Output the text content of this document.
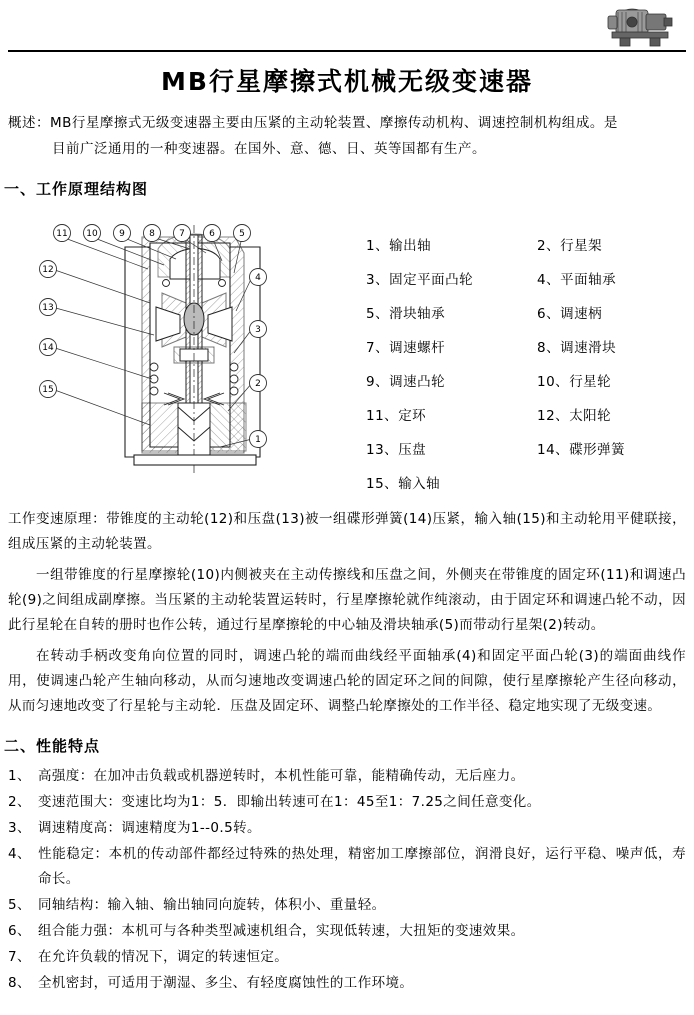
MB行星摩擦式机械无级变速器
概述：MB行星摩擦式无级变速器主要由压紧的主动轮装置、摩擦传动机构、调速控制机构组成。是
目前广泛通用的一种变速器。在国外、意、德、日、英等国都有生产。
一、工作原理结构图
11 10 9	8	7	6	5
12
4
13
3
14
2
15
1
1、输出轴	2、行星架
3、固定平面凸轮	4、平面轴承
5、滑块轴承	6、调速柄
7、调速螺杆	8、调速滑块
9、调速凸轮	10、行星轮
11、定环	12、太阳轮
13、压盘	14、碟形弹簧
15、输入轴

工作变速原理：带锥度的主动轮(12)和压盘(13)被一组碟形弹簧(14)压紧，输入轴(15)和主动轮用平健联接，组成压紧的主动轮装置。

一组带锥度的行星摩擦轮(10)内侧被夹在主动传擦线和压盘之间，外侧夹在带锥度的固定环(11)和调速凸轮(9)之间组成副摩擦。当压紧的主动轮装置运转时，行星摩擦轮就作纯滚动，由于固定环和调速凸轮不动，因此行星轮在自转的册时也作公转，通过行星摩擦轮的中心轴及滑块轴承(5)而带动行星架(2)转动。

在转动手柄改变角向位置的同时，调速凸轮的端而曲线经平面轴承(4)和固定平面凸轮(3)的端面曲线作用，使调速凸轮产生轴向移动，从而匀速地改变调速凸轮的固定环之间的间隙，使行星摩擦轮产生径向移动，从而匀速地改变了行星轮与主动轮．压盘及固定环、调整凸轮摩擦处的工作半径、稳定地实现了无级变速。

二、性能特点
1、 高强度：在加冲击负载或机器逆转时，本机性能可靠，能精确传动，无后座力。
2、 变速范围大：变速比均为1：5．即输出转速可在1：45至1：7.25之间任意变化。
3、 调速精度高：调速精度为1--0.5转。
4、 性能稳定：本机的传动部件都经过特殊的热处理，精密加工摩擦部位，润滑良好，运行平稳、噪声低，寿命长。
5、 同轴结构：输入轴、输出轴同向旋转，体积小、重量轻。
6、 组合能力强：本机可与各种类型减速机组合，实现低转速，大扭矩的变速效果。
7、 在允许负载的情况下，调定的转速恒定。
8、 全机密封，可适用于潮湿、多尘、有轻度腐蚀性的工作环境。
